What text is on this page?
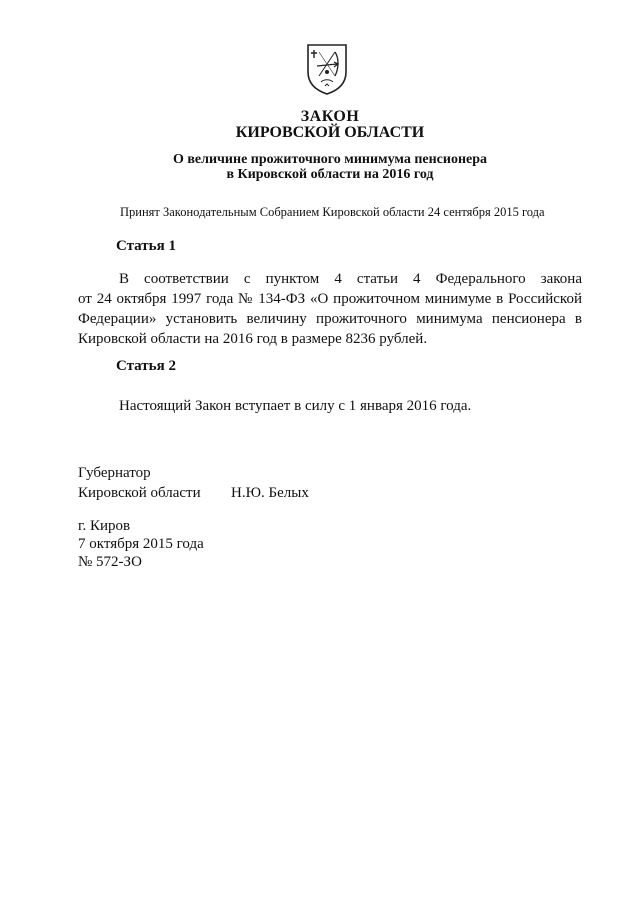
ЗАКОН
КИРОВСКОЙ ОБЛАСТИ
О величине прожиточного минимума пенсионера
в Кировской области на 2016 год
Принят Законодательным Собранием Кировской области 24 сентября 2015 года
Статья 1
В соответствии с пунктом 4 статьи 4 Федерального закона
от 24 октября 1997 года № 134-ФЗ «О прожиточном минимуме в Российской
Федерации» установить величину прожиточного минимума пенсионера в
Кировской области на 2016 год в размере 8236 рублей.
Статья 2
Настоящий Закон вступает в силу с 1 января 2016 года.
Губернатор
Кировской области Н.Ю. Белых
г. Киров
7 октября 2015 года
№ 572-ЗО
